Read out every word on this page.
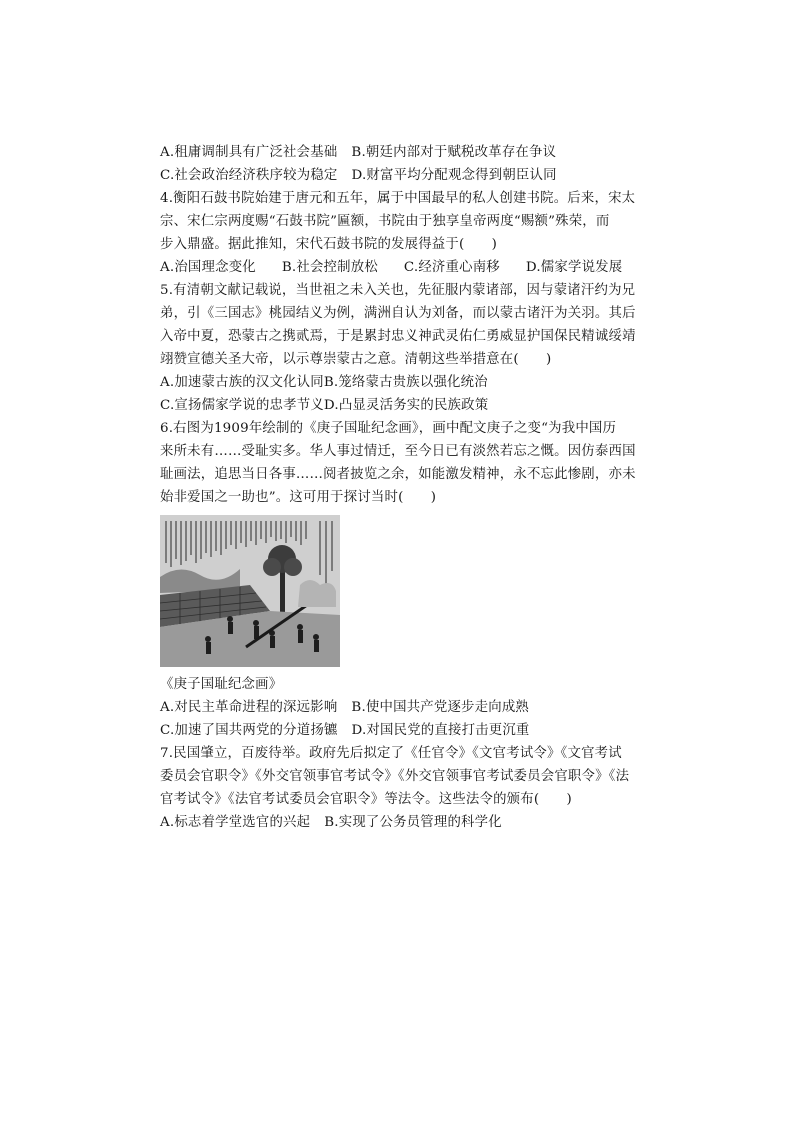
A.租庸调制具有广泛社会基础 B.朝廷内部对于赋税改革存在争议
C.社会政治经济秩序较为稳定 D.财富平均分配观念得到朝臣认同
4.衡阳石鼓书院始建于唐元和五年，属于中国最早的私人创建书院。后来，宋太
宗、宋仁宗两度赐“石鼓书院”匾额，书院由于独享皇帝两度“赐额”殊荣，而
步入鼎盛。据此推知，宋代石鼓书院的发展得益于(　　)
A.治国理念变化 B.社会控制放松 C.经济重心南移 D.儒家学说发展
5.有清朝文献记载说，当世祖之未入关也，先征服内蒙诸部，因与蒙诸汗约为兄
弟，引《三国志》桃园结义为例，满洲自认为刘备，而以蒙古诸汗为关羽。其后
入帝中夏，恐蒙古之携贰焉，于是累封忠义神武灵佑仁勇威显护国保民精诚绥靖
翊赞宣德关圣大帝，以示尊崇蒙古之意。清朝这些举措意在(　　)
A.加速蒙古族的汉文化认同B.笼络蒙古贵族以强化统治
C.宣扬儒家学说的忠孝节义D.凸显灵活务实的民族政策
6.右图为1909年绘制的《庚子国耻纪念画》，画中配文庚子之变“为我中国历
来所未有……受耻实多。华人事过情迁，至今日已有淡然若忘之慨。因仿泰西国
耻画法，追思当日各事……阅者披览之余，如能激发精神，永不忘此惨剧，亦未
始非爱国之一助也”。这可用于探讨当时(　　)
《庚子国耻纪念画》
A.对民主革命进程的深远影响 B.使中国共产党逐步走向成熟
C.加速了国共两党的分道扬镳 D.对国民党的直接打击更沉重
7.民国肇立，百废待举。政府先后拟定了《任官令》《文官考试令》《文官考试
委员会官职令》《外交官领事官考试令》《外交官领事官考试委员会官职令》《法
官考试令》《法官考试委员会官职令》等法令。这些法令的颁布(　　)
A.标志着学堂选官的兴起 B.实现了公务员管理的科学化
